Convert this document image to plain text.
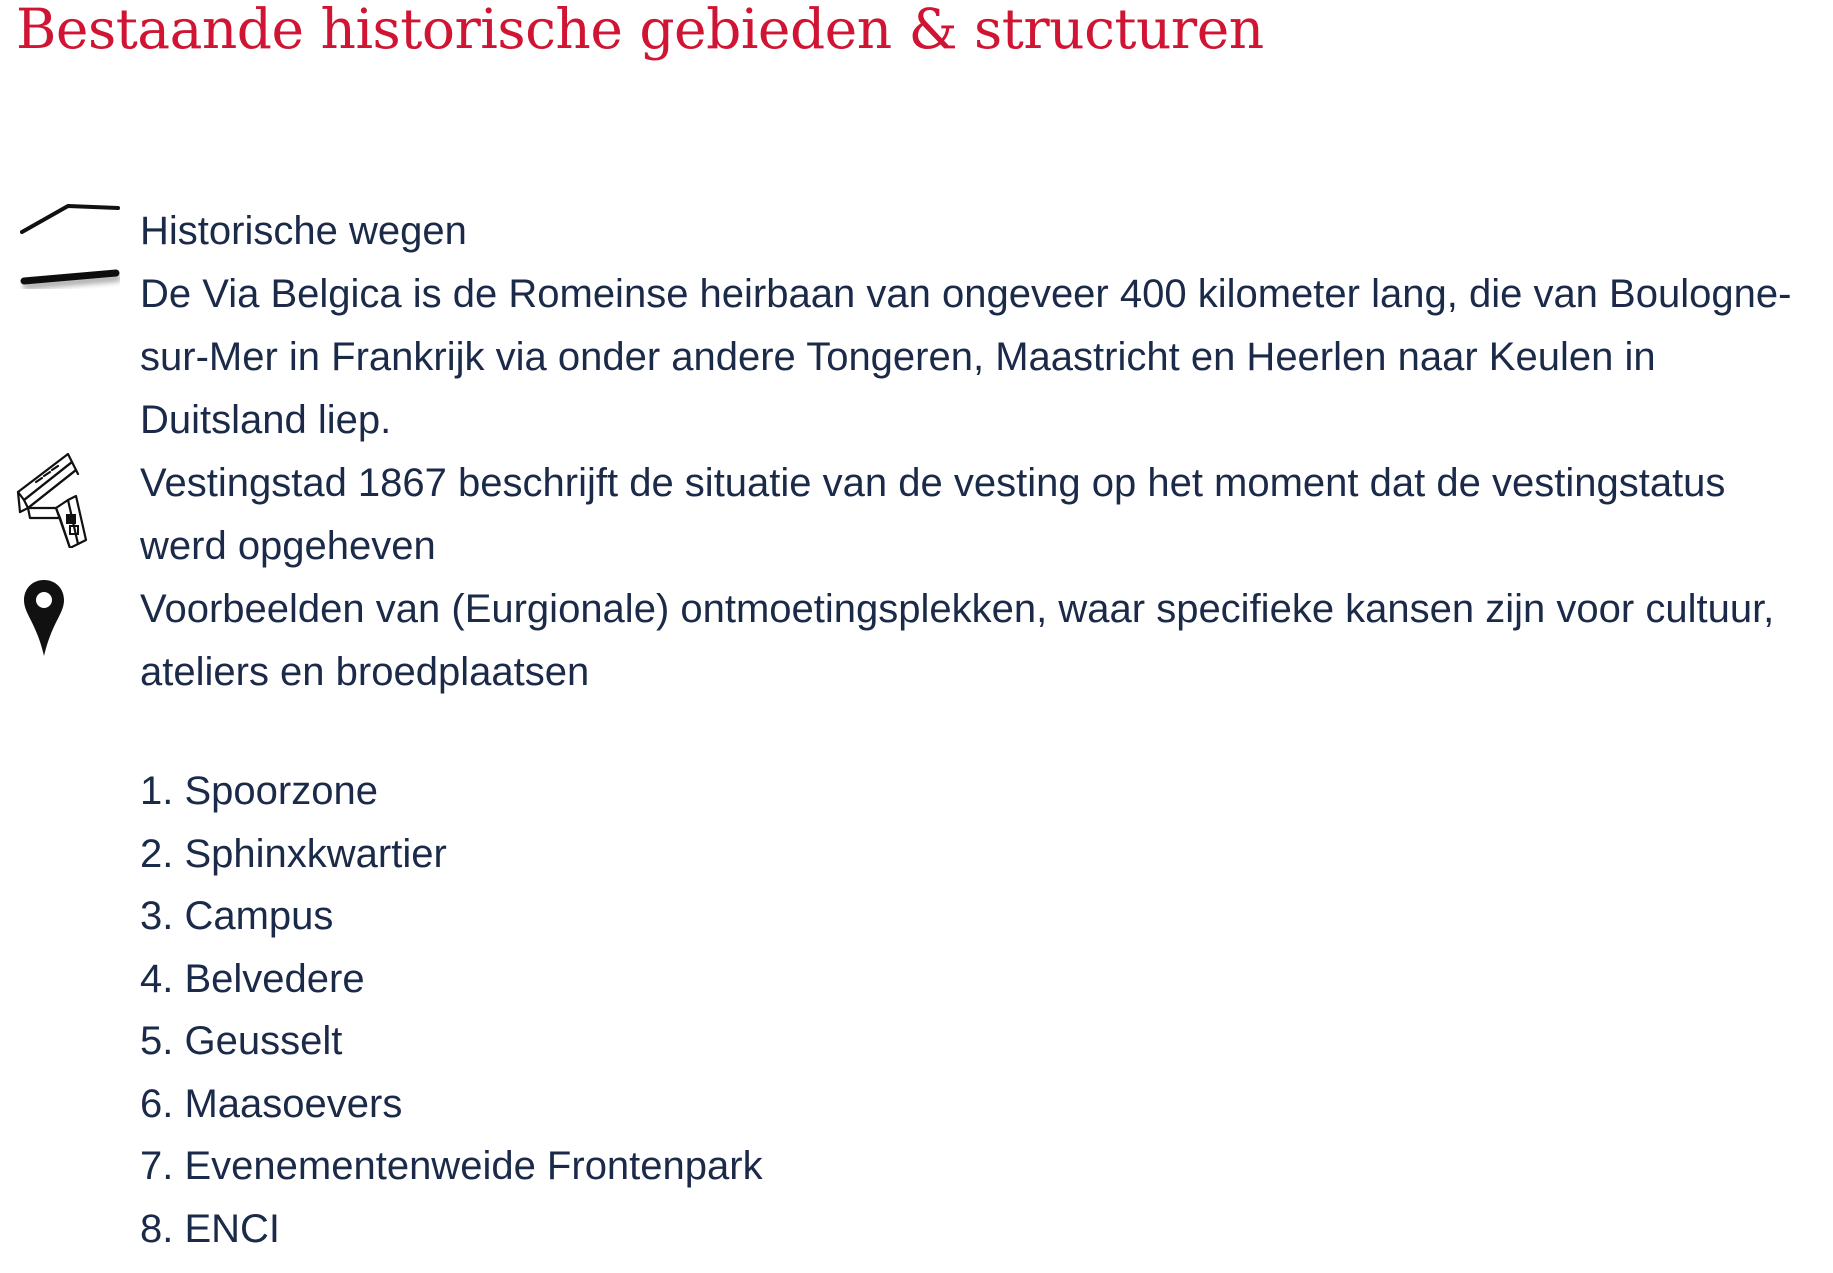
Bestaande historische gebieden & structuren
Historische wegen
De Via Belgica is de Romeinse heirbaan van ongeveer 400 kilometer lang, die van Boulogne-sur-Mer in Frankrijk via onder andere Tongeren, Maastricht en Heerlen naar Keulen in Duitsland liep.
Vestingstad 1867 beschrijft de situatie van de vesting op het moment dat de vestingstatus werd opgeheven
Voorbeelden van (Eurgionale) ontmoetingsplekken, waar specifieke kansen zijn voor cultuur, ateliers en broedplaatsen
1. Spoorzone
2. Sphinxkwartier
3. Campus
4. Belvedere
5. Geusselt
6. Maasoevers
7. Evenementenweide Frontenpark
8. ENCI
